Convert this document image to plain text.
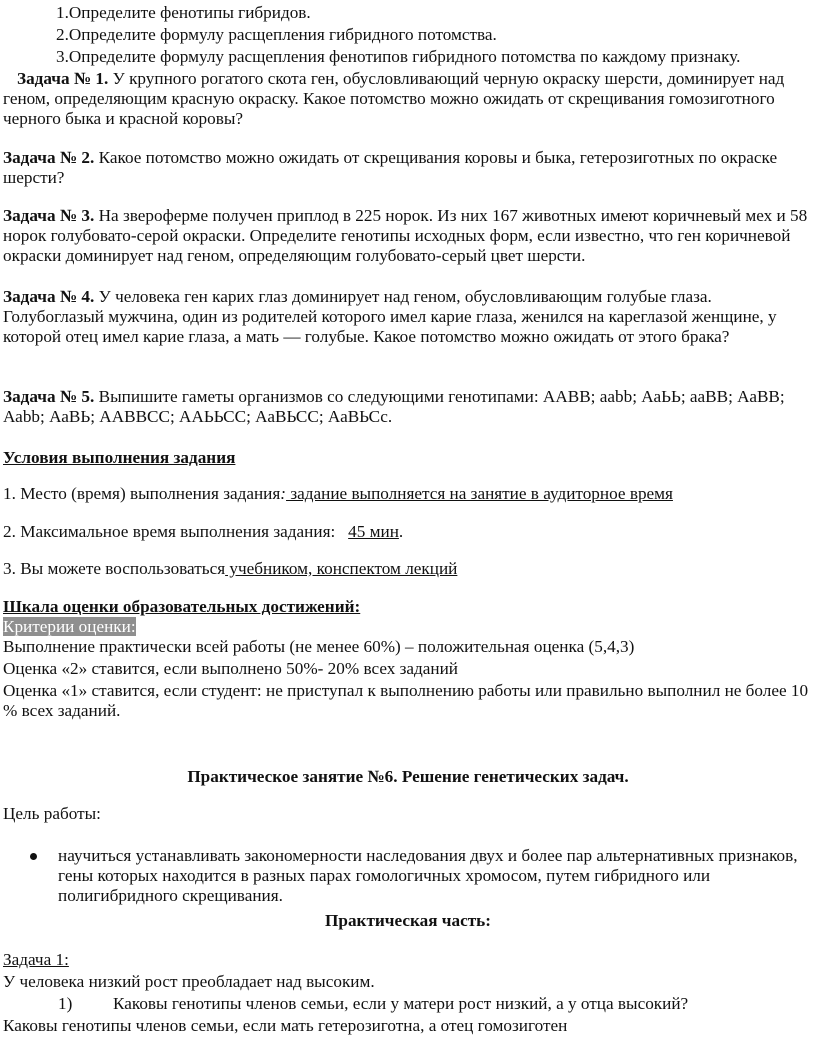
1.Определите фенотипы гибридов.
2.Определите формулу расщепления гибридного потомства.
3.Определите формулу расщепления фенотипов гибридного потомства по каждому признаку.
Задача № 1. У крупного рогатого скота ген, обусловливающий черную окраску шерсти, доминирует над геном, определяющим красную окраску. Какое потомство можно ожидать от скрещивания гомозиготного черного быка и красной коровы?
Задача № 2. Какое потомство можно ожидать от скрещивания коровы и быка, гетерозиготных по окраске шерсти?
Задача № 3. На звероферме получен приплод в 225 норок. Из них 167 животных имеют коричневый мех и 58 норок голубовато-серой окраски. Определите генотипы исходных форм, если известно, что ген коричневой окраски доминирует над геном, определяющим голубовато-серый цвет шерсти.
Задача № 4. У человека ген карих глаз доминирует над геном, обусловливающим голубые глаза. Голубоглазый мужчина, один из родителей которого имел карие глаза, женился на кареглазой женщине, у которой отец имел карие глаза, а мать — голубые. Какое потомство можно ожидать от этого брака?
Задача № 5. Выпишите гаметы организмов со следующими генотипами: ААВВ; aabb; АаЬЬ; ааВВ; АаВВ; Ааbb; АаВЬ; ААВВСС; ААЬЬСС; АаВЬСС; АаВЬСс.
Условия выполнения задания
1. Место (время) выполнения задания: задание выполняется на занятие в аудиторное время
2. Максимальное время выполнения задания:   45 мин.
3. Вы можете воспользоваться учебником, конспектом лекций
Шкала оценки образовательных достижений:
Критерии оценки:
Выполнение практически всей работы (не менее 60%) – положительная оценка (5,4,3)
Оценка «2» ставится, если выполнено 50%- 20% всех заданий
Оценка «1» ставится, если студент: не приступал к выполнению работы или правильно выполнил не более 10 % всех заданий.
Практическое занятие №6. Решение генетических задач.
Цель работы:
научиться устанавливать закономерности наследования двух и более пар альтернативных признаков, гены которых находится в разных парах гомологичных хромосом, путем гибридного или полигибридного скрещивания.
Практическая часть:
Задача 1:
У человека низкий рост преобладает над высоким.
1) Каковы генотипы членов семьи, если у матери рост низкий, а у отца высокий?
Каковы генотипы членов семьи, если мать гетерозиготна, а отец гомозиготен
